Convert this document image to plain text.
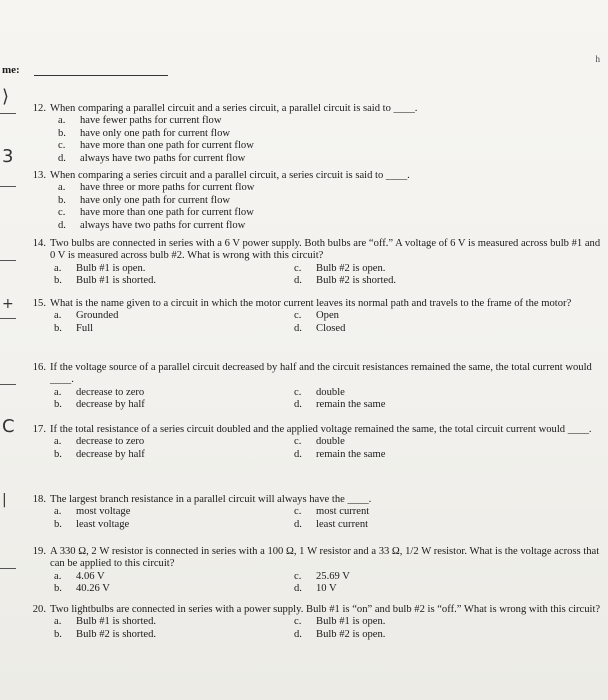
me:
h
⟩
3
+
C
|
12. When comparing a parallel circuit and a series circuit, a parallel circuit is said to ____.
a.	have fewer paths for current flow
b.	have only one path for current flow
c.	have more than one path for current flow
d.	always have two paths for current flow
13. When comparing a series circuit and a parallel circuit, a series circuit is said to ____.
a.	have three or more paths for current flow
b.	have only one path for current flow
c.	have more than one path for current flow
d.	always have two paths for current flow
14. Two bulbs are connected in series with a 6 V power supply. Both bulbs are “off.” A voltage of 6 V is measured across bulb #1 and 0 V is measured across bulb #2. What is wrong with this circuit?
a.	Bulb #1 is open.	c.	Bulb #2 is open.
b.	Bulb #1 is shorted.	d.	Bulb #2 is shorted.
15. What is the name given to a circuit in which the motor current leaves its normal path and travels to the frame of the motor?
a.	Grounded	c.	Open
b.	Full	d.	Closed
16. If the voltage source of a parallel circuit decreased by half and the circuit resistances remained the same, the total current would ____.
a.	decrease to zero	c.	double
b.	decrease by half	d.	remain the same
17. If the total resistance of a series circuit doubled and the applied voltage remained the same, the total circuit current would ____.
a.	decrease to zero	c.	double
b.	decrease by half	d.	remain the same
18. The largest branch resistance in a parallel circuit will always have the ____.
a.	most voltage	c.	most current
b.	least voltage	d.	least current
19. A 330 Ω, 2 W resistor is connected in series with a 100 Ω, 1 W resistor and a 33 Ω, 1/2 W resistor. What is the voltage across that can be applied to this circuit?
a.	4.06 V	c.	25.69 V
b.	40.26 V	d.	10 V
20. Two lightbulbs are connected in series with a power supply. Bulb #1 is “on” and bulb #2 is “off.” What is wrong with this circuit?
a.	Bulb #1 is shorted.	c.	Bulb #1 is open.
b.	Bulb #2 is shorted.	d.	Bulb #2 is open.
